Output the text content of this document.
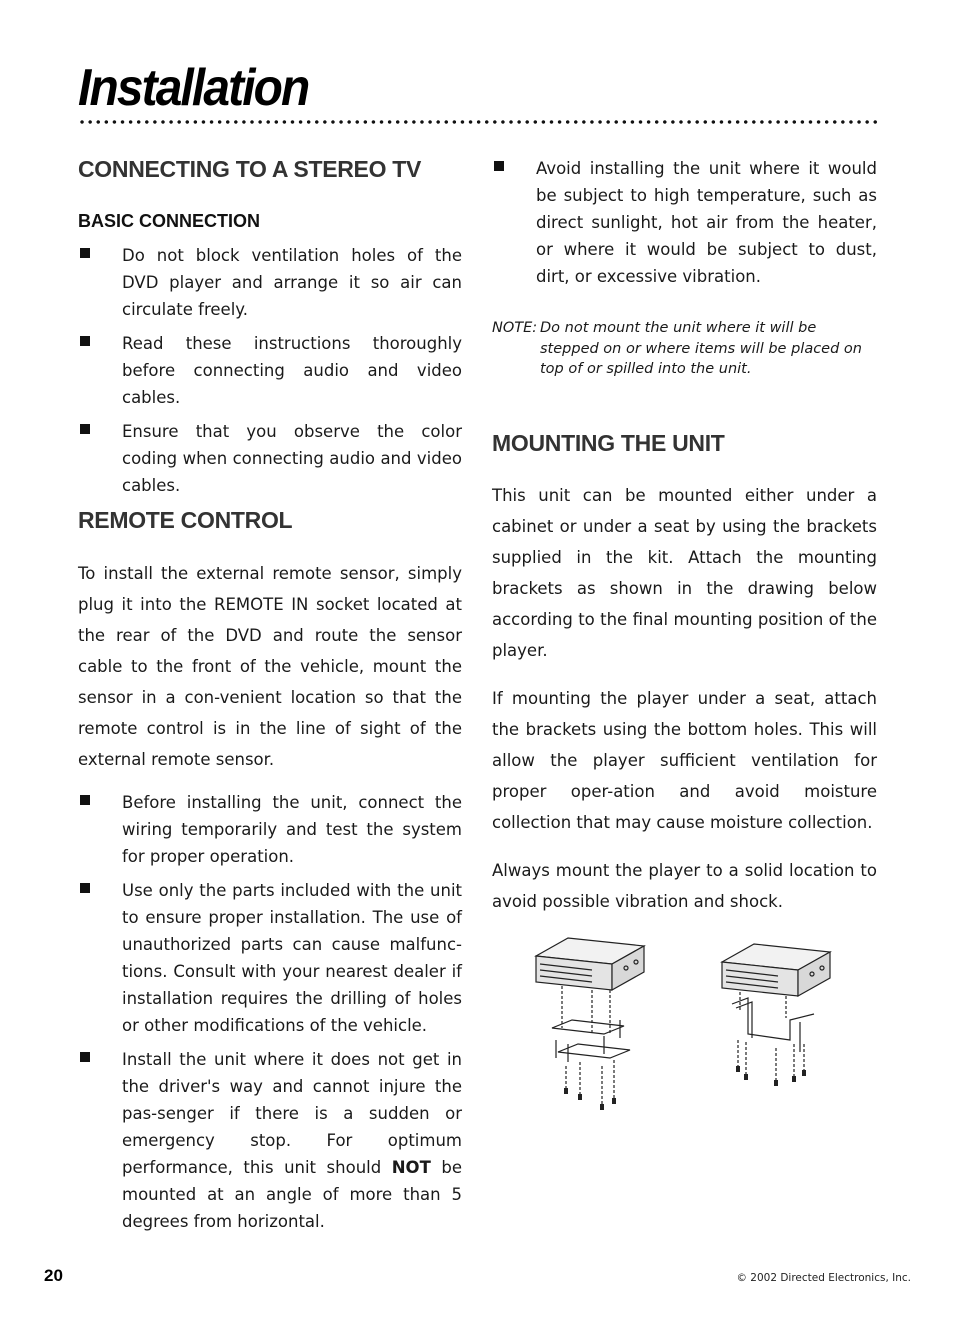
Installation
CONNECTING TO A STEREO TV
BASIC CONNECTION
Do not block ventilation holes of the DVD player and arrange it so air can circulate freely.
Read these instructions thoroughly before connecting audio and video cables.
Ensure that you observe the color coding when connecting audio and video cables.
REMOTE CONTROL

To install the external remote sensor, simply plug it into the REMOTE IN socket located at the rear of the DVD and route the sensor cable to the front of the vehicle, mount the sensor in a con-venient location so that the remote control is in the line of sight of the external remote sensor.

Before installing the unit, connect the wiring temporarily and test the system for proper operation.
Use only the parts included with the unit to ensure proper installation. The use of unauthorized parts can cause malfunc-tions. Consult with your nearest dealer if installation requires the drilling of holes or other modifications of the vehicle.
Install the unit where it does not get in the driver's way and cannot injure the pas-senger if there is a sudden or emergency stop. For optimum performance, this unit should NOT be mounted at an angle of more than 5 degrees from horizontal.
Avoid installing the unit where it would be subject to high temperature, such as direct sunlight, hot air from the heater, or where it would be subject to dust, dirt, or excessive vibration.
NOTE: Do not mount the unit where it will be stepped on or where items will be placed on top of or spilled into the unit.
MOUNTING THE UNIT

This unit can be mounted either under a cabinet or under a seat by using the brackets supplied in the kit. Attach the mounting brackets as shown in the drawing below according to the final mounting position of the player.

If mounting the player under a seat, attach the brackets using the bottom holes. This will allow the player sufficient ventilation for proper oper-ation and avoid moisture collection that may cause moisture collection.

Always mount the player to a solid location to avoid possible vibration and shock.

20	© 2002 Directed Electronics, Inc.
